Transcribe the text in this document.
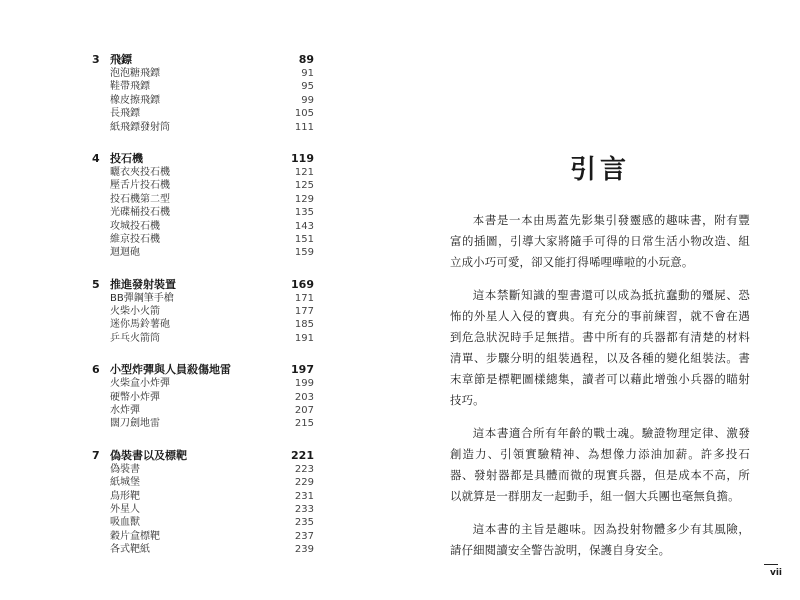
3 飛鏢	89
泡泡糖飛鏢	91
鞋帶飛鏢	95
橡皮擦飛鏢	99
長飛鏢	105
紙飛鏢發射筒	111
4 投石機	119
曬衣夾投石機	121
壓舌片投石機	125
投石機第二型	129
光碟桶投石機	135
攻城投石機	143
維京投石機	151
迴迴砲	159
5 推進發射裝置	169
BB彈鋼筆手槍	171
火柴小火箭	177
迷你馬鈴薯砲	185
乒乓火箭筒	191
6 小型炸彈與人員殺傷地雷	197
火柴盒小炸彈	199
硬幣小炸彈	203
水炸彈	207
闊刀劍地雷	215
7 偽裝書以及標靶	221
偽裝書	223
紙城堡	229
鳥形靶	231
外星人	233
吸血獸	235
穀片盒標靶	237
各式靶紙	239
引言

本書是一本由馬蓋先影集引發靈感的趣味書，附有豐富的插圖，引導大家將隨手可得的日常生活小物改造、組立成小巧可愛，卻又能打得唏哩嘩啦的小玩意。

這本禁斷知識的聖書還可以成為抵抗蠢動的殭屍、恐怖的外星人入侵的寶典。有充分的事前練習，就不會在遇到危急狀況時手足無措。書中所有的兵器都有清楚的材料清單、步驟分明的組裝過程，以及各種的變化組裝法。書末章節是標靶圖樣總集，讀者可以藉此增強小兵器的瞄射技巧。

這本書適合所有年齡的戰士魂。驗證物理定律、激發創造力、引領實驗精神、為想像力添油加薪。許多投石器、發射器都是具體而微的現實兵器，但是成本不高，所以就算是一群朋友一起動手，組一個大兵團也毫無負擔。

這本書的主旨是趣味。因為投射物體多少有其風險，請仔細閱讀安全警告說明，保護自身安全。

vii
